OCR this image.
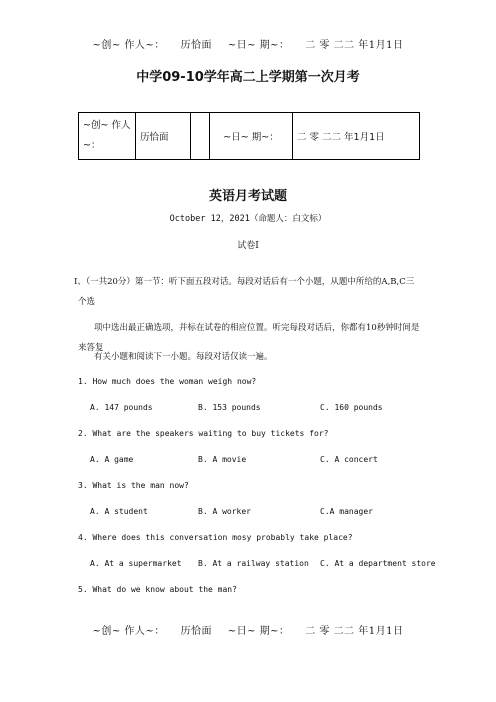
~创~ 作人~： 历恰面 ~日~ 期~： 二 零 二二 年1月1日
中学09-10学年高二上学期第一次月考
~创~ 作人~：	历恰面		~日~ 期~：	二 零 二二 年1月1日
英语月考试题
October 12，2021（命题人：白文标）
试卷Ⅰ
Ⅰ、（一共20分）第一节：听下面五段对话。每段对话后有一个小题，从题中所给的A,B,C三个选
项中选出最正确选项，并标在试卷的相应位置。听完每段对话后，你都有10秒钟时间是来答复
有关小题和阅读下一小题。每段对话仅读一遍。
1. How much does the woman weigh now?
A. 147 pounds	B. 153 pounds	C. 160 pounds
2. What are the speakers waiting to buy tickets for?
A. A game	B. A movie	C. A concert
3. What is the man now?
A. A student	B. A worker	C.A manager
4. Where does this conversation mosy probably take place?
A. At a supermarket B. At a railway station C. At a department store
5. What do we know about the man?
~创~ 作人~： 历恰面 ~日~ 期~： 二 零 二二 年1月1日
